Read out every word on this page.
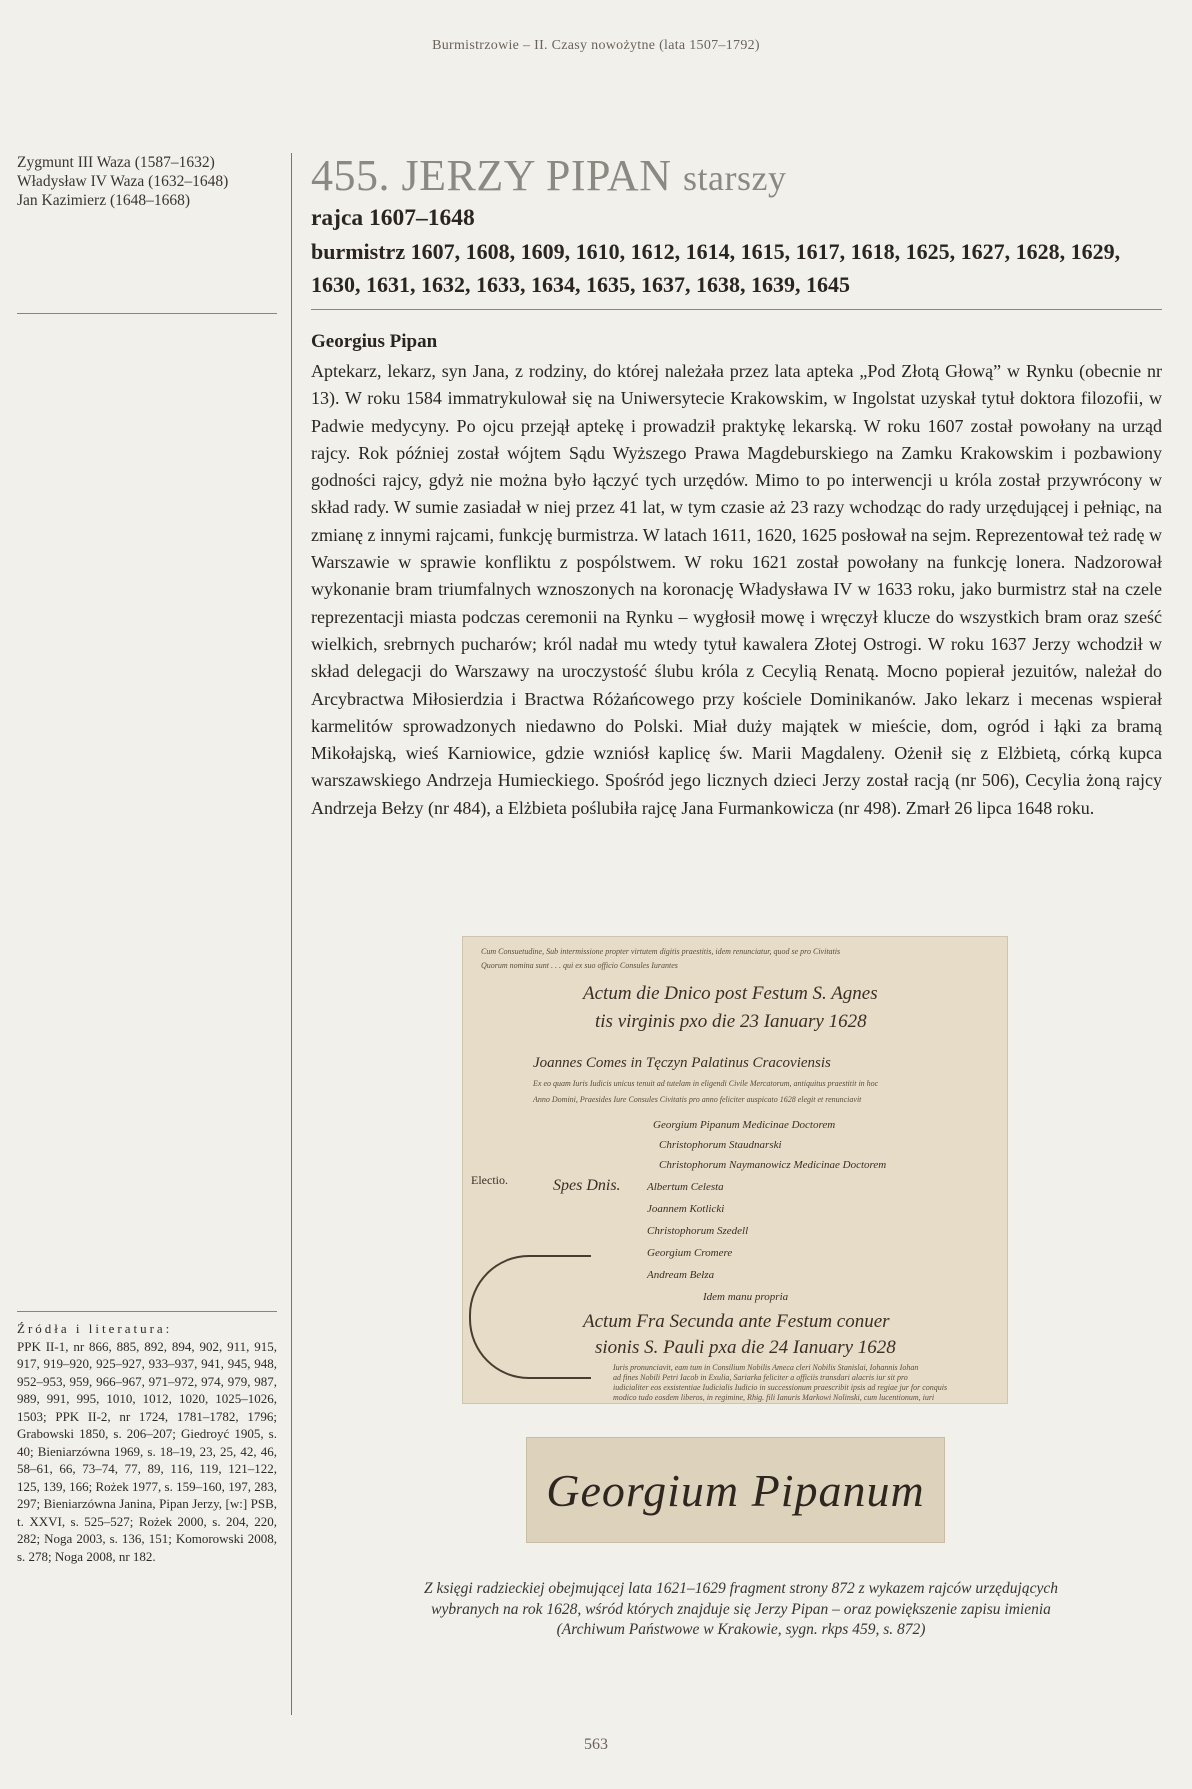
Burmistrzowie – II. Czasy nowożytne (lata 1507–1792)
Zygmunt III Waza (1587–1632)
Władysław IV Waza (1632–1648)
Jan Kazimierz (1648–1668)
455. JERZY PIPAN starszy
rajca 1607–1648
burmistrz 1607, 1608, 1609, 1610, 1612, 1614, 1615, 1617, 1618, 1625, 1627, 1628, 1629, 1630, 1631, 1632, 1633, 1634, 1635, 1637, 1638, 1639, 1645
Georgius Pipan

Aptekarz, lekarz, syn Jana, z rodziny, do której należała przez lata apteka „Pod Złotą Głową” w Rynku (obecnie nr 13). W roku 1584 immatrykulował się na Uniwersytecie Krakowskim, w Ingolstat uzyskał tytuł doktora filozofii, w Padwie medycyny. Po ojcu przejął aptekę i prowadził praktykę lekarską. W roku 1607 został powołany na urząd rajcy. Rok później został wójtem Sądu Wyższego Prawa Magdeburskiego na Zamku Krakowskim i pozbawiony godności rajcy, gdyż nie można było łączyć tych urzędów. Mimo to po interwencji u króla został przywrócony w skład rady. W sumie zasiadał w niej przez 41 lat, w tym czasie aż 23 razy wchodząc do rady urzędującej i pełniąc, na zmianę z innymi rajcami, funkcję burmistrza. W latach 1611, 1620, 1625 posłował na sejm. Reprezentował też radę w Warszawie w sprawie konfliktu z pospólstwem. W roku 1621 został powołany na funkcję lonera. Nadzorował wykonanie bram triumfalnych wznoszonych na koronację Władysława IV w 1633 roku, jako burmistrz stał na czele reprezentacji miasta podczas ceremonii na Rynku – wygłosił mowę i wręczył klucze do wszystkich bram oraz sześć wielkich, srebrnych pucharów; król nadał mu wtedy tytuł kawalera Złotej Ostrogi. W roku 1637 Jerzy wchodził w skład delegacji do Warszawy na uroczystość ślubu króla z Cecylią Renatą. Mocno popierał jezuitów, należał do Arcybractwa Miłosierdzia i Bractwa Różańcowego przy kościele Dominikanów. Jako lekarz i mecenas wspierał karmelitów sprowadzonych niedawno do Polski. Miał duży majątek w mieście, dom, ogród i łąki za bramą Mikołajską, wieś Karniowice, gdzie wzniósł kaplicę św. Marii Magdaleny. Ożenił się z Elżbietą, córką kupca warszawskiego Andrzeja Humieckiego. Spośród jego licznych dzieci Jerzy został racją (nr 506), Cecylia żoną rajcy Andrzeja Bełzy (nr 484), a Elżbieta poślubiła rajcę Jana Furmankowicza (nr 498). Zmarł 26 lipca 1648 roku.

Cum Consuetudine, Sub intermissione propter virtutem digitis praestitis, idem renunciatur, quod se pro Civitatis
Quorum nomina sunt . . . qui ex suo officio Consules Iurantes
Actum die Dnico post Festum S. Agnes
tis virginis pxo die 23 Ianuary 1628
Joannes Comes in Tęczyn Palatinus Cracoviensis
Ex eo quam Iuris Iudicis unicus tenuit ad tutelam in eligendi Civile Mercatorum, antiquitus praestitit in hoc
Anno Domini, Praesides Iure Consules Civitatis pro anno feliciter auspicato 1628 elegit et renunciavit
Electio.	Spes Dnis.
Georgium Pipanum Medicinae Doctorem
Christophorum Staudnarski
Christophorum Naymanowicz Medicinae Doctorem
Albertum Celesta
Joannem Kotlicki
Christophorum Szedell
Georgium Cromere
Andream Bełza
Idem manu propria
Actum Fra Secunda ante Festum conuer
sionis S. Pauli pxa die 24 Ianuary 1628
Iuris pronunciavit, eam tum in Consilium Nobilis Ameca cleri Nobilis Stanislai, Iohannis Iohan
ad fines Nobili Petri Iacob in Exulia, Sariarka feliciter a officiis transdari alacris iur sit pro
iudicialiter eos exsistentiae Iudicialis Iudicio in successionum praescribit ipsis ad regiae jur for conquis
modico tudo eosdem liberos, in regimine, Rhig. fili Ianuris Markowi Nolinski, cum lucentionum, iuri
Georgium Pipanum
Z księgi radzieckiej obejmującej lata 1621–1629 fragment strony 872 z wykazem rajców urzędujących
wybranych na rok 1628, wśród których znajduje się Jerzy Pipan – oraz powiększenie zapisu imienia
(Archiwum Państwowe w Krakowie, sygn. rkps 459, s. 872)
Źródła i literatura:
PPK II-1, nr 866, 885, 892, 894, 902, 911, 915, 917, 919–920, 925–927, 933–937, 941, 945, 948, 952–953, 959, 966–967, 971–972, 974, 979, 987, 989, 991, 995, 1010, 1012, 1020, 1025–1026, 1503; PPK II-2, nr 1724, 1781–1782, 1796; Grabowski 1850, s. 206–207; Giedroyć 1905, s. 40; Bieniarzówna 1969, s. 18–19, 23, 25, 42, 46, 58–61, 66, 73–74, 77, 89, 116, 119, 121–122, 125, 139, 166; Rożek 1977, s. 159–160, 197, 283, 297; Bieniarzówna Janina, Pipan Jerzy, [w:] PSB, t. XXVI, s. 525–527; Rożek 2000, s. 204, 220, 282; Noga 2003, s. 136, 151; Komorowski 2008, s. 278; Noga 2008, nr 182.
563
